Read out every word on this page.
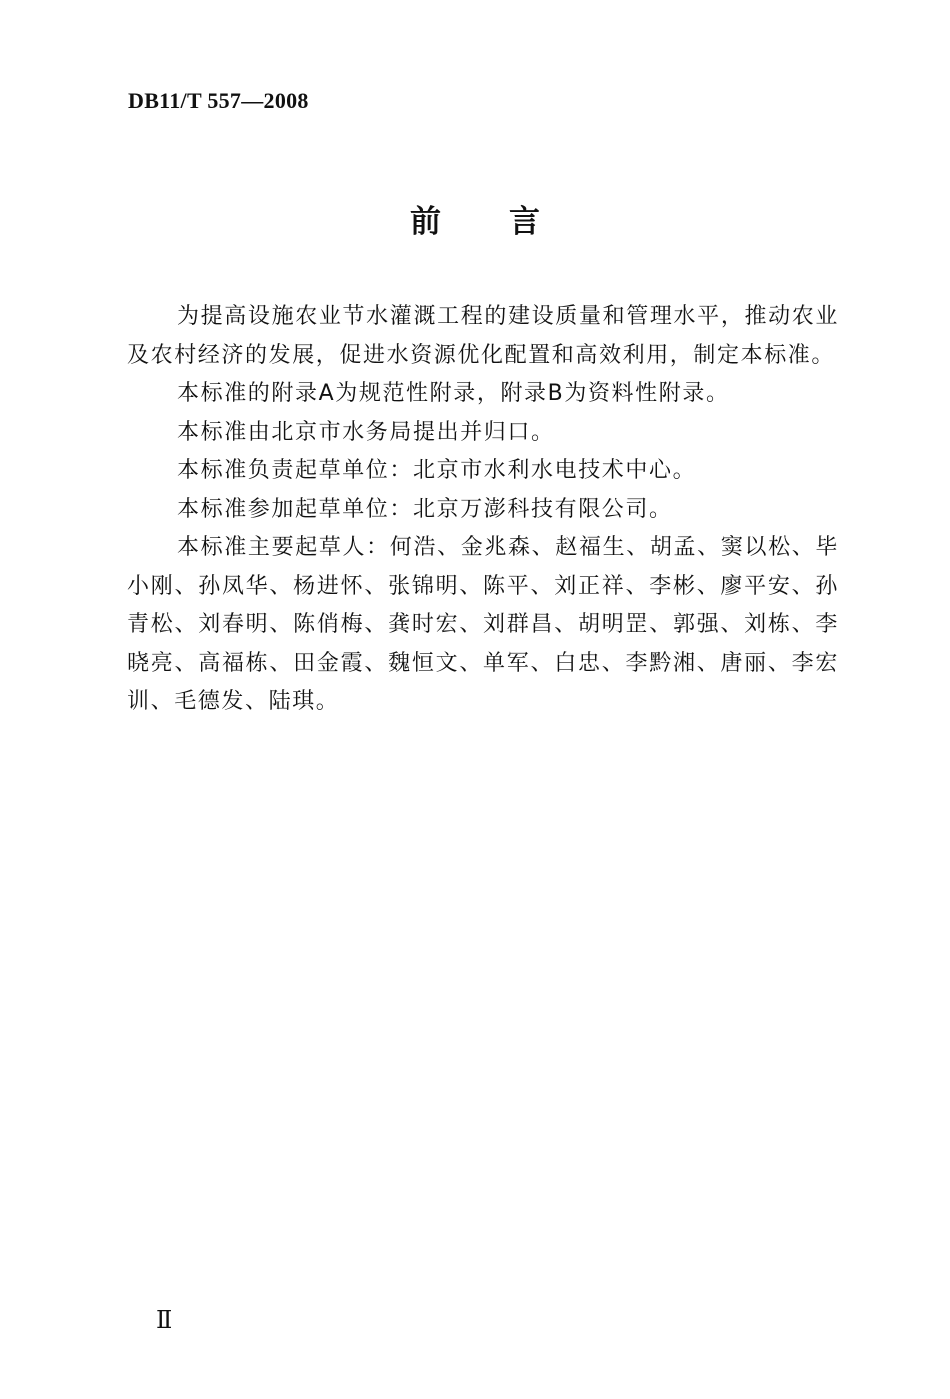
DB11/T 557—2008
前言

为提高设施农业节水灌溉工程的建设质量和管理水平，推动农业及农村经济的发展，促进水资源优化配置和高效利用，制定本标准。

本标准的附录A为规范性附录，附录B为资料性附录。

本标准由北京市水务局提出并归口。

本标准负责起草单位：北京市水利水电技术中心。

本标准参加起草单位：北京万澎科技有限公司。

本标准主要起草人：何浩、金兆森、赵福生、胡孟、窦以松、毕小刚、孙凤华、杨进怀、张锦明、陈平、刘正祥、李彬、廖平安、孙青松、刘春明、陈俏梅、龚时宏、刘群昌、胡明罡、郭强、刘栋、李晓亮、高福栋、田金霞、魏恒文、单军、白忠、李黔湘、唐丽、李宏训、毛德发、陆琪。

Ⅱ
